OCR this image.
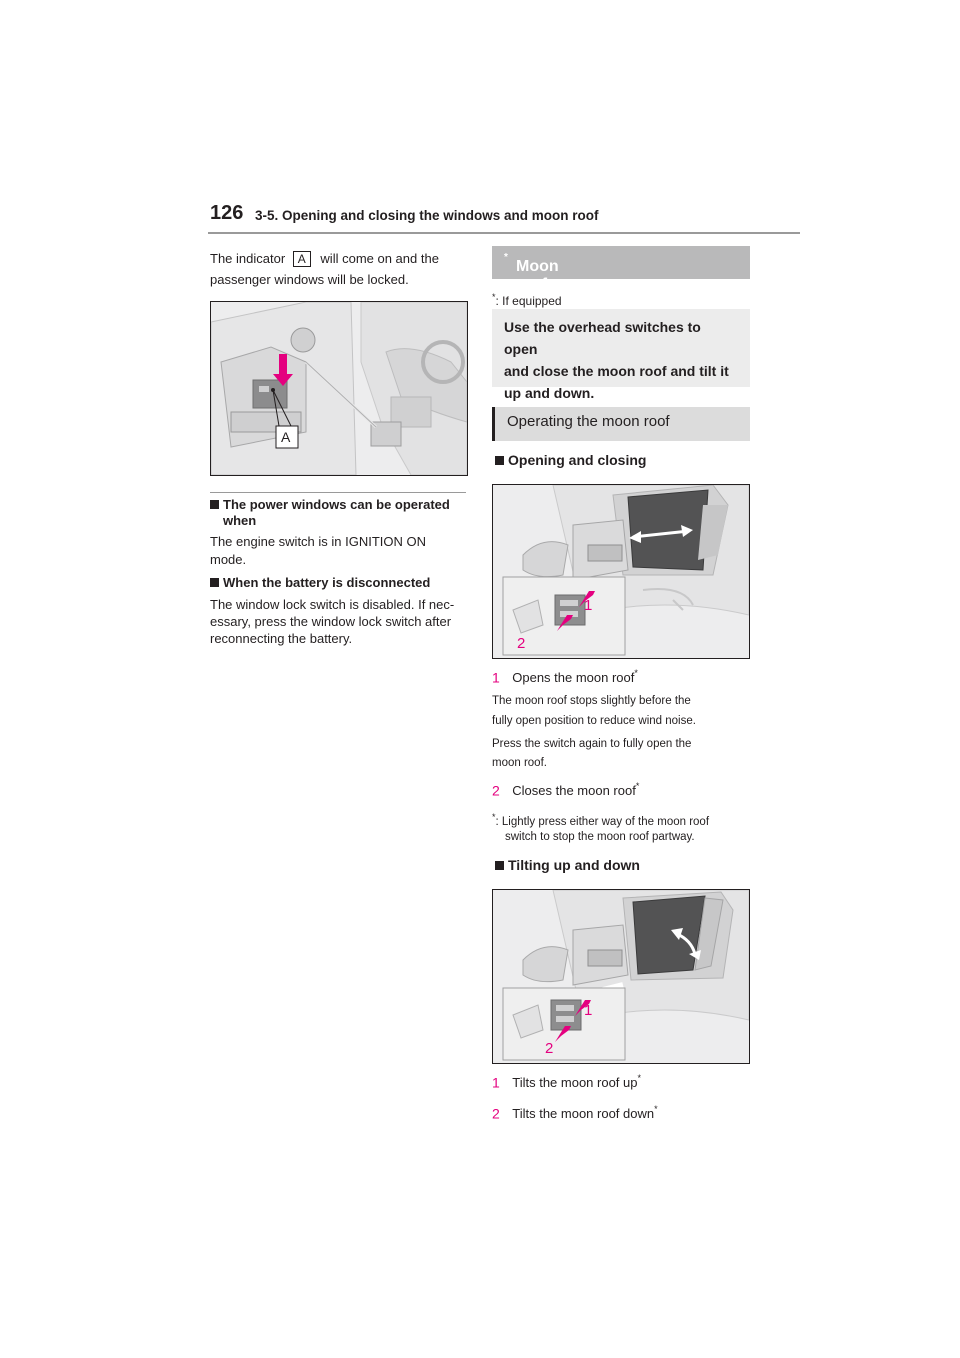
126 3-5. Opening and closing the windows and moon roof
The indicator A will come on and the
passenger windows will be locked.
A
The power windows can be operated
when
The engine switch is in IGNITION ON
mode.
When the battery is disconnected
The window lock switch is disabled. If nec-
essary, press the window lock switch after
reconnecting the battery.
Moon roof
*
*: If equipped
Use the overhead switches to open
and close the moon roof and tilt it
up and down.
Operating the moon roof
Opening and closing
1
2
1 Opens the moon roof*
The moon roof stops slightly before the
fully open position to reduce wind noise.
Press the switch again to fully open the
moon roof.
2 Closes the moon roof*
*: Lightly press either way of the moon roof
switch to stop the moon roof partway.
Tilting up and down
1
2
1 Tilts the moon roof up*
2 Tilts the moon roof down*
